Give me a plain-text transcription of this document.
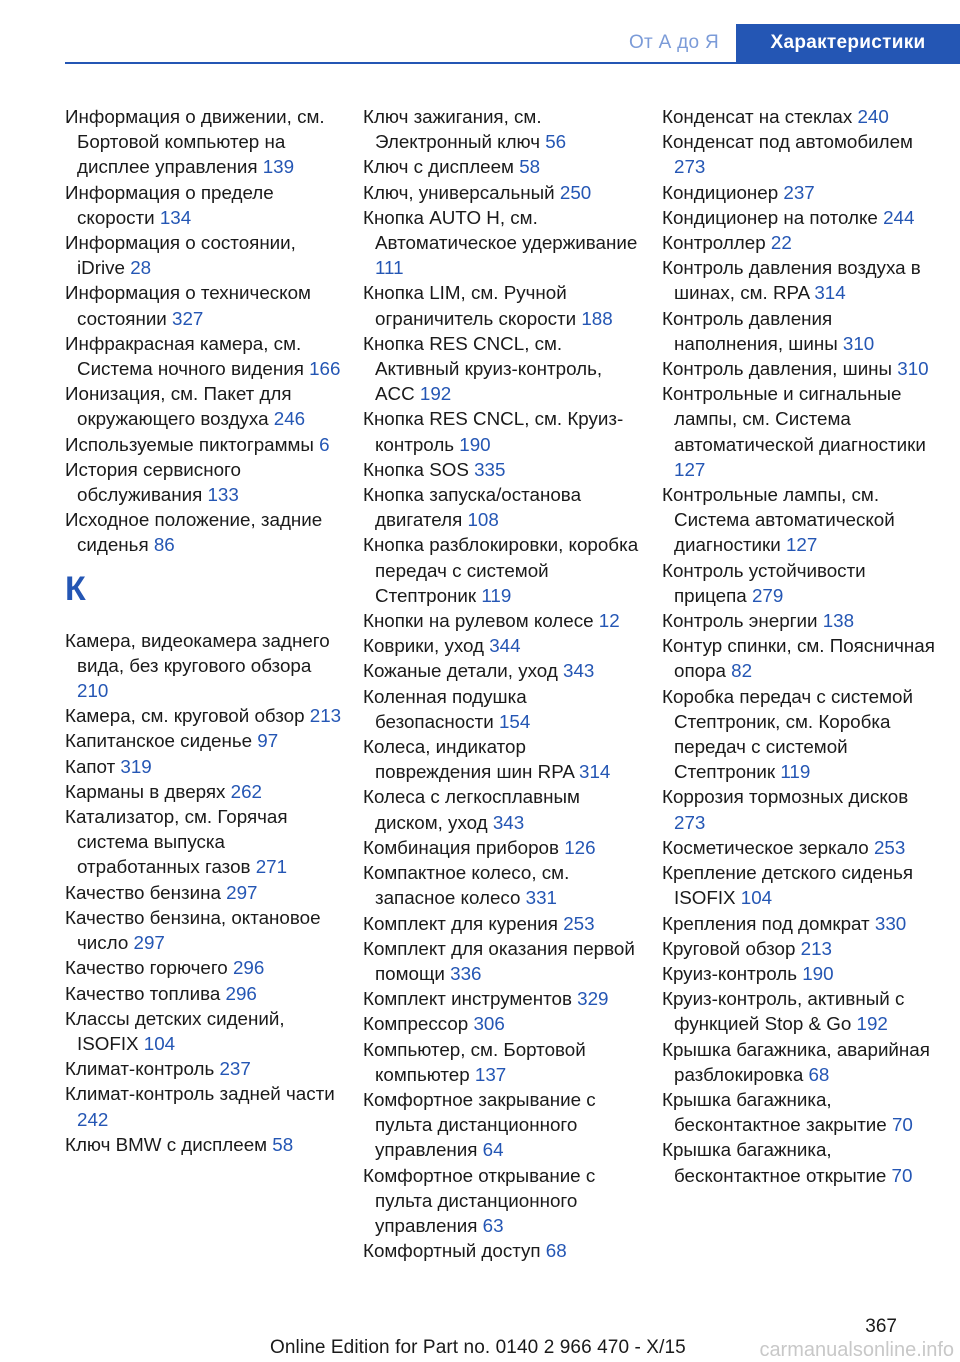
От А до Я	Характеристики
Информация о движении, см. Бортовой компьютер на дисплее управления 139
Информация о пределе скорости 134
Информация о состоянии, iDrive 28
Информация о техническом состоянии 327
Инфракрасная камера, см. Система ночного видения 166
Ионизация, см. Пакет для окружающего воздуха 246
Используемые пиктограммы 6
История сервисного обслуживания 133
Исходное положение, задние сиденья 86
К
Камера, видеокамера заднего вида, без кругового обзора 210
Камера, см. круговой обзор 213
Капитанское сиденье 97
Капот 319
Карманы в дверях 262
Катализатор, см. Горячая система выпуска отработанных газов 271
Качество бензина 297
Качество бензина, октановое число 297
Качество горючего 296
Качество топлива 296
Классы детских сидений, ISOFIX 104
Климат-контроль 237
Климат-контроль задней части 242
Ключ BMW с дисплеем 58
Ключ зажигания, см. Электронный ключ 56
Ключ с дисплеем 58
Ключ, универсальный 250
Кнопка AUTO H, см. Автоматическое удерживание 111
Кнопка LIM, см. Ручной ограничитель скорости 188
Кнопка RES CNCL, см. Активный круиз-контроль, ACC 192
Кнопка RES CNCL, см. Круиз-контроль 190
Кнопка SOS 335
Кнопка запуска/останова двигателя 108
Кнопка разблокировки, коробка передач с системой Стептроник 119
Кнопки на рулевом колесе 12
Коврики, уход 344
Кожаные детали, уход 343
Коленная подушка безопасности 154
Колеса, индикатор повреждения шин RPA 314
Колеса с легкосплавным диском, уход 343
Комбинация приборов 126
Компактное колесо, см. запасное колесо 331
Комплект для курения 253
Комплект для оказания первой помощи 336
Комплект инструментов 329
Компрессор 306
Компьютер, см. Бортовой компьютер 137
Комфортное закрывание с пульта дистанционного управления 64
Комфортное открывание с пульта дистанционного управления 63
Комфортный доступ 68
Конденсат на стеклах 240
Конденсат под автомобилем 273
Кондиционер 237
Кондиционер на потолке 244
Контроллер 22
Контроль давления воздуха в шинах, см. RPA 314
Контроль давления наполнения, шины 310
Контроль давления, шины 310
Контрольные и сигнальные лампы, см. Система автоматической диагностики 127
Контрольные лампы, см. Система автоматической диагностики 127
Контроль устойчивости прицепа 279
Контроль энергии 138
Контур спинки, см. Поясничная опора 82
Коробка передач с системой Стептроник, см. Коробка передач с системой Стептроник 119
Коррозия тормозных дисков 273
Косметическое зеркало 253
Крепление детского сиденья ISOFIX 104
Крепления под домкрат 330
Круговой обзор 213
Круиз-контроль 190
Круиз-контроль, активный с функцией Stop & Go 192
Крышка багажника, аварийная разблокировка 68
Крышка багажника, бесконтактное закрытие 70
Крышка багажника, бесконтактное открытие 70
367
Online Edition for Part no. 0140 2 966 470 - X/15	carmanualsonline.info
